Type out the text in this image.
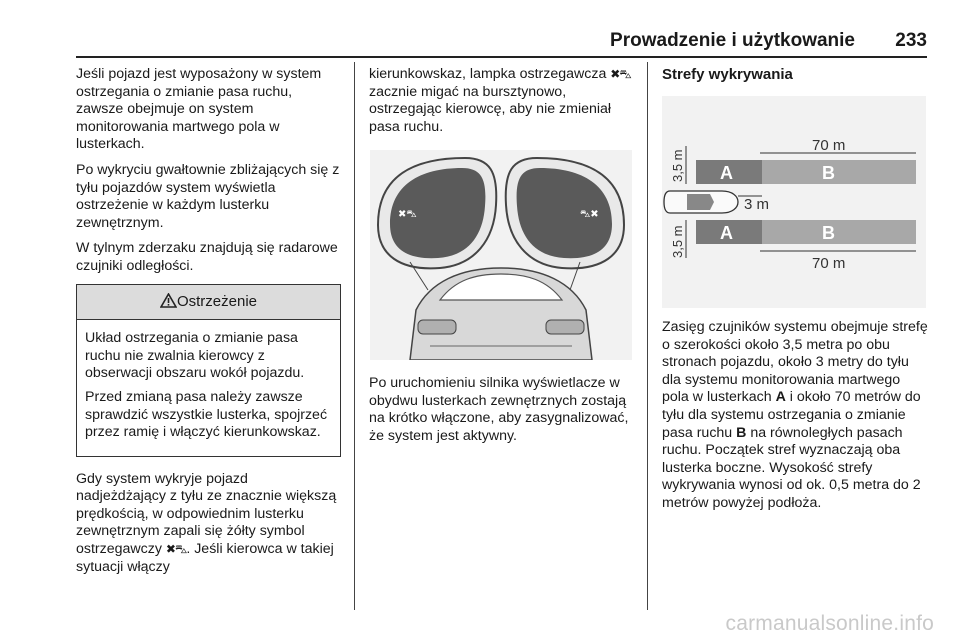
Prowadzenie i użytkowanie 233

Jeśli pojazd jest wyposażony w system ostrzegania o zmianie pasa ruchu, zawsze obejmuje on system monitorowania martwego pola w lusterkach.

Po wykryciu gwałtownie zbliżających się z tyłu pojazdów system wyświetla ostrzeżenie w każdym lusterku zewnętrznym.

W tylnym zderzaku znajdują się radarowe czujniki odległości.

Ostrzeżenie

Układ ostrzegania o zmianie pasa ruchu nie zwalnia kierowcy z obserwacji obszaru wokół pojazdu.

Przed zmianą pasa należy zawsze sprawdzić wszystkie lusterka, spojrzeć przez ramię i włączyć kierunkowskaz.

Gdy system wykryje pojazd nadjeżdżający z tyłu ze znacznie większą prędkością, w odpowiednim lusterku zewnętrznym zapali się żółty symbol ostrzegawczy ✖⛍. Jeśli kierowca w takiej sytuacji włączy

kierunkowskaz, lampka ostrzegawcza ✖⛍ zacznie migać na bursztynowo, ostrzegając kierowcę, aby nie zmieniał pasa ruchu.

✖⛍	⛍✖

Po uruchomieniu silnika wyświetlacze w obydwu lusterkach zewnętrznych zostają na krótko włączone, aby zasygnalizować, że system jest aktywny.

Strefy wykrywania
70 m
A	B
3,5 m
3 m
A	B
3,5 m
70 m

Zasięg czujników systemu obejmuje strefę o szerokości około 3,5 metra po obu stronach pojazdu, około 3 metry do tyłu dla systemu monitorowania martwego pola w lusterkach A i około 70 metrów do tyłu dla systemu ostrzegania o zmianie pasa ruchu B na równoległych pasach ruchu. Początek stref wyznaczają oba lusterka boczne. Wysokość strefy wykrywania wynosi od ok. 0,5 metra do 2 metrów powyżej podłoża.

carmanualsonline.info
